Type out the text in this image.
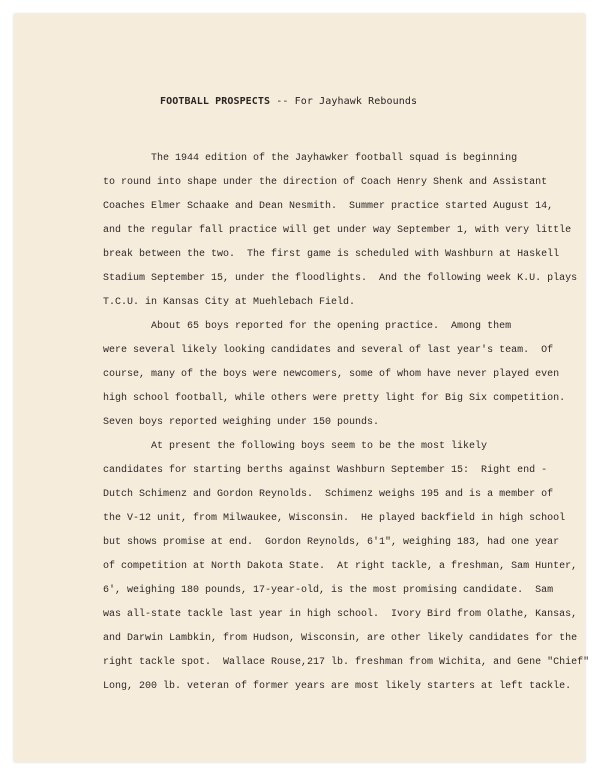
FOOTBALL PROSPECTS -- For Jayhawk Rebounds
The 1944 edition of the Jayhawker football squad is beginning
to round into shape under the direction of Coach Henry Shenk and Assistant
Coaches Elmer Schaake and Dean Nesmith.  Summer practice started August 14,
and the regular fall practice will get under way September 1, with very little
break between the two.  The first game is scheduled with Washburn at Haskell
Stadium September 15, under the floodlights.  And the following week K.U. plays
T.C.U. in Kansas City at Muehlebach Field.
About 65 boys reported for the opening practice.  Among them
were several likely looking candidates and several of last year's team.  Of
course, many of the boys were newcomers, some of whom have never played even
high school football, while others were pretty light for Big Six competition.
Seven boys reported weighing under 150 pounds.
At present the following boys seem to be the most likely
candidates for starting berths against Washburn September 15:  Right end -
Dutch Schimenz and Gordon Reynolds.  Schimenz weighs 195 and is a member of
the V-12 unit, from Milwaukee, Wisconsin.  He played backfield in high school
but shows promise at end.  Gordon Reynolds, 6'1", weighing 183, had one year
of competition at North Dakota State.  At right tackle, a freshman, Sam Hunter,
6', weighing 180 pounds, 17-year-old, is the most promising candidate.  Sam
was all-state tackle last year in high school.  Ivory Bird from Olathe, Kansas,
and Darwin Lambkin, from Hudson, Wisconsin, are other likely candidates for the
right tackle spot.  Wallace Rouse,217 lb. freshman from Wichita, and Gene "Chief"
Long, 200 lb. veteran of former years are most likely starters at left tackle.
